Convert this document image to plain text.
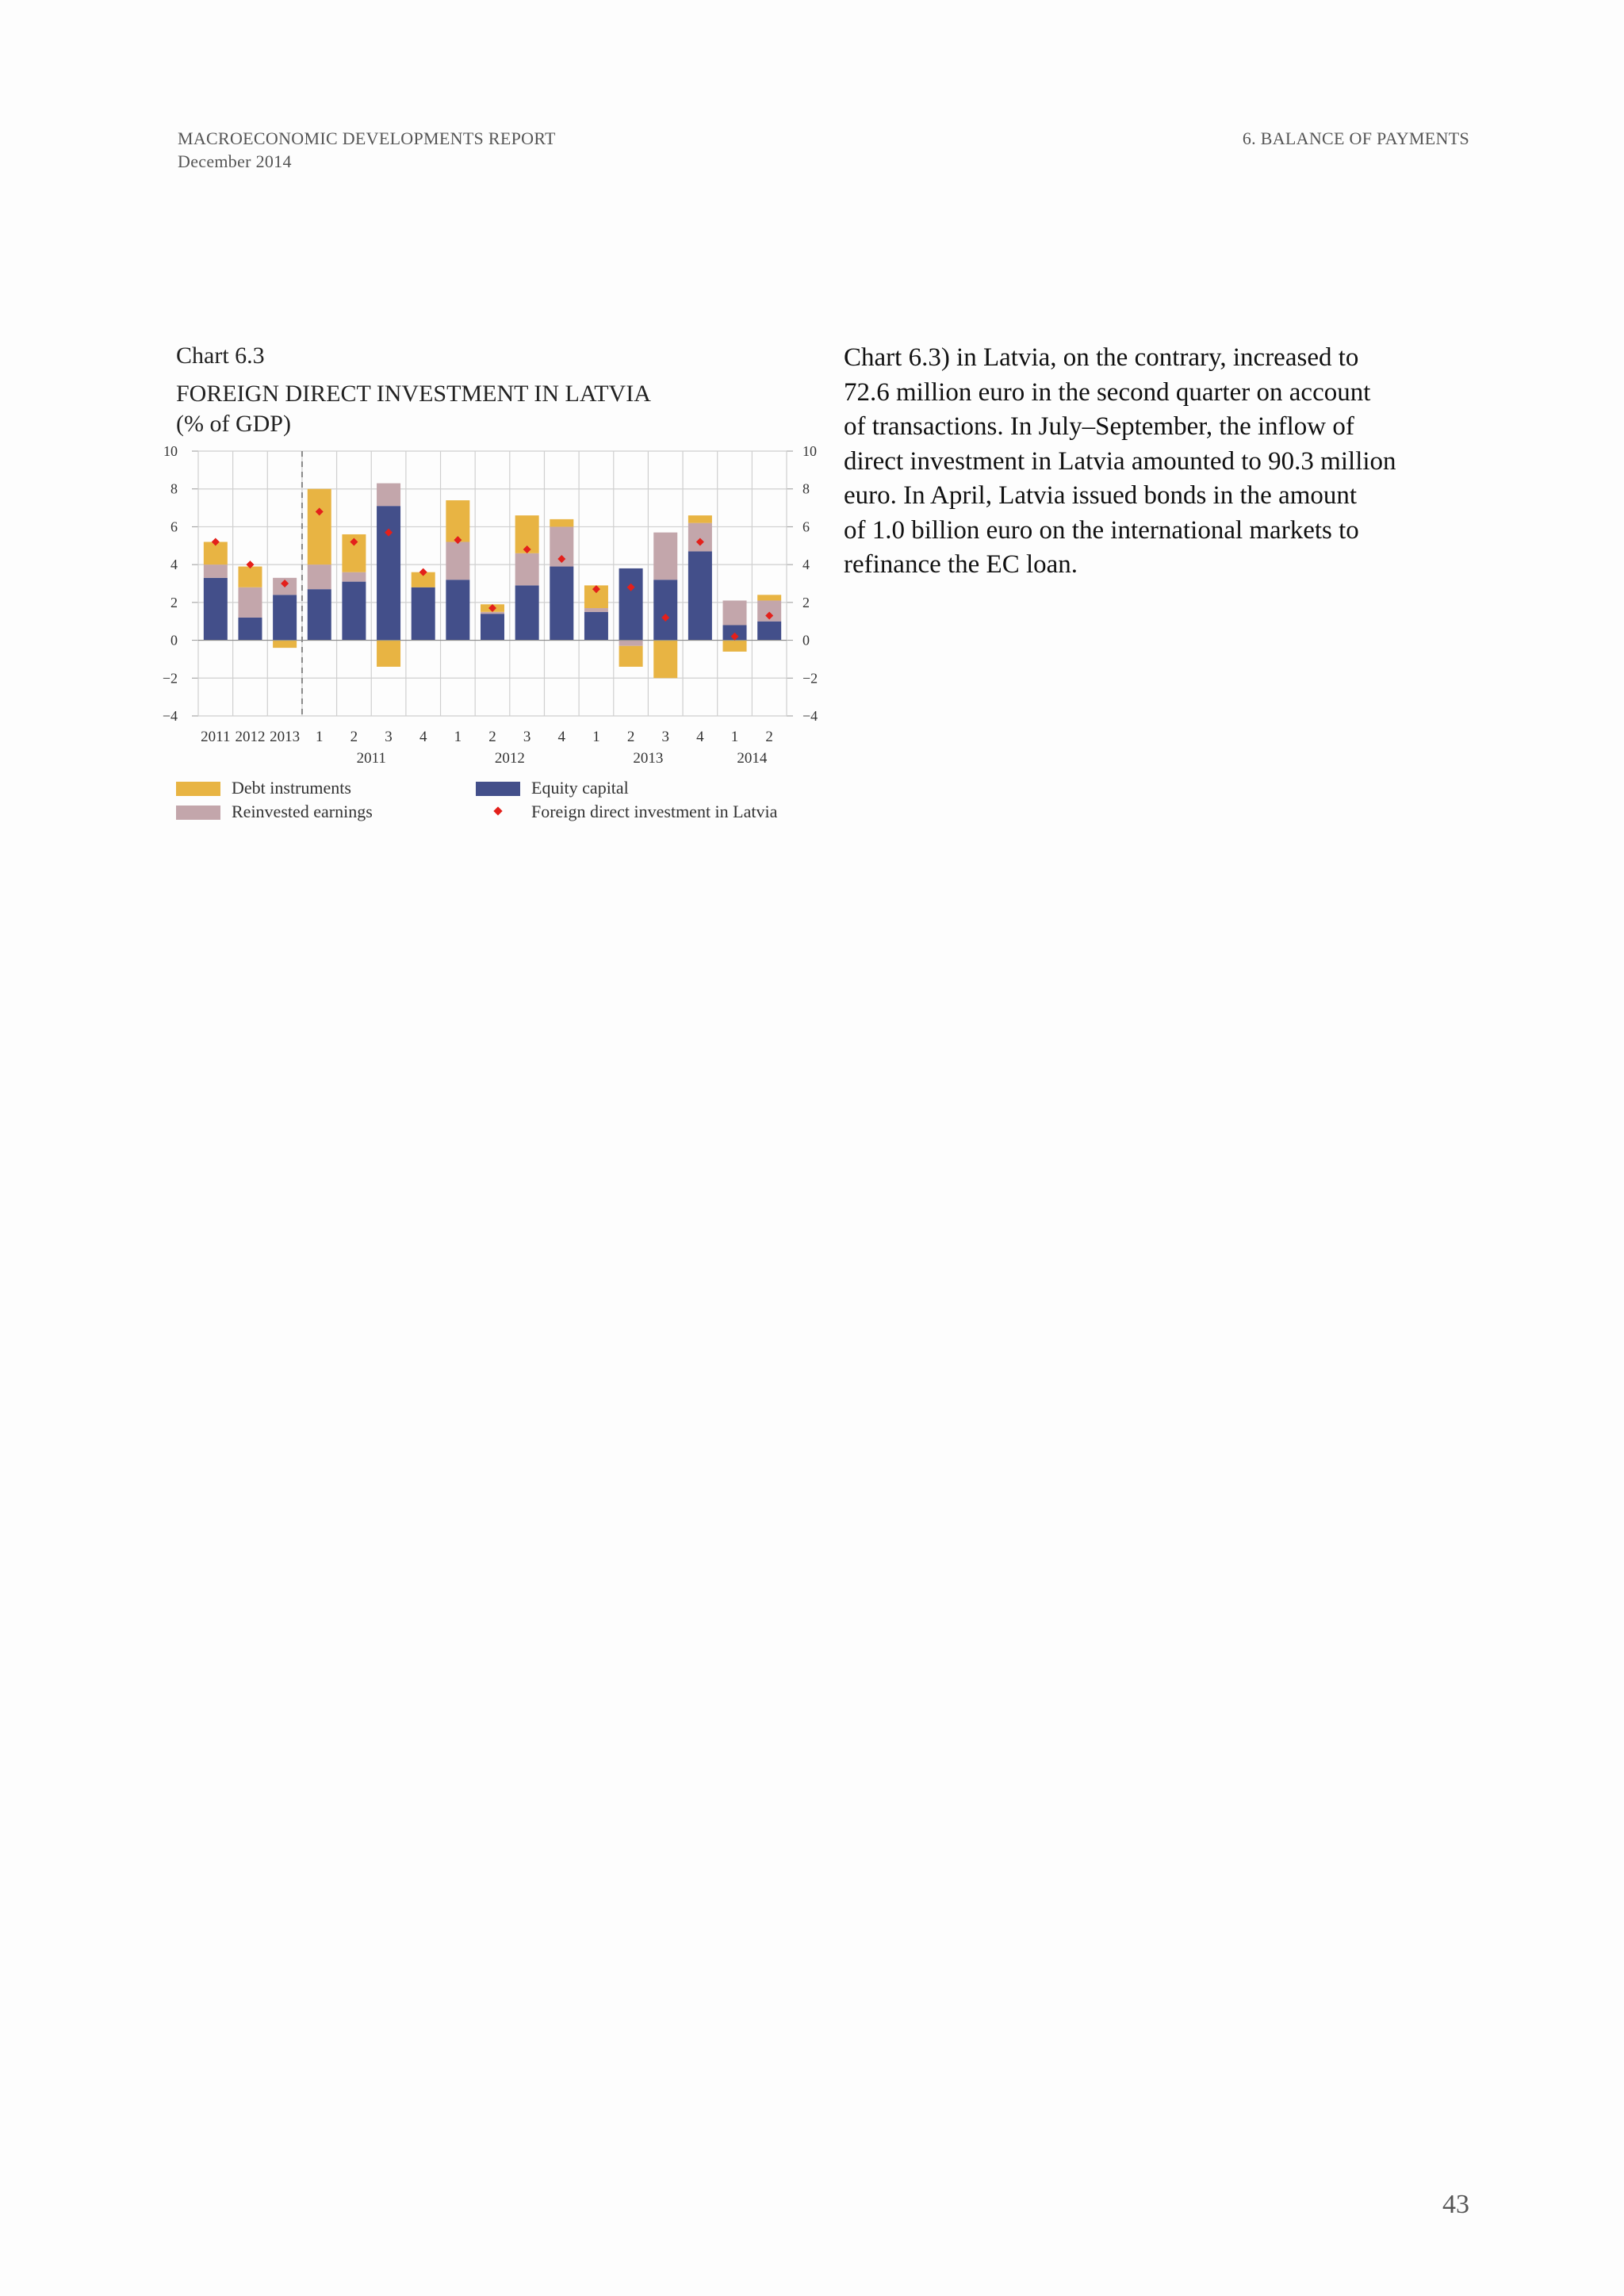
MACROECONOMIC DEVELOPMENTS REPORT
December 2014
6. BALANCE OF PAYMENTS
Chart 6.3
FOREIGN DIRECT INVESTMENT IN LATVIA
(% of GDP)
10	10
8	8
6	6
4	4
2	2
0	0
−2	−2
−4	−4
2011 2012 2013 1 2 3 4 1 2 3 4 1 2 3 4 1 2
2011	2012	2013	2014
Debt instruments
Reinvested earnings
Equity capital
Foreign direct investment in Latvia
Chart 6.3) in Latvia, on the contrary, increased to
72.6 million euro in the second quarter on account
of transactions. In July–September, the inflow of
direct investment in Latvia amounted to 90.3 million
euro. In April, Latvia issued bonds in the amount
of 1.0 billion euro on the international markets to
refinance the EC loan.
43
